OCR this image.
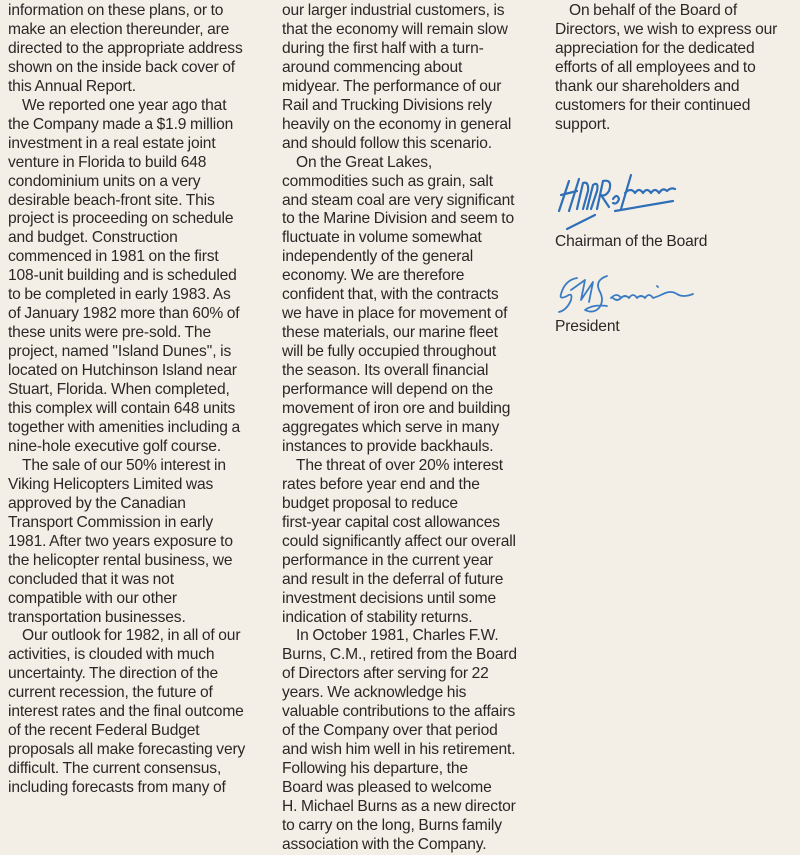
information on these plans, or to
make an election thereunder, are
directed to the appropriate address
shown on the inside back cover of
this Annual Report.
We reported one year ago that
the Company made a $1.9 million
investment in a real estate joint
venture in Florida to build 648
condominium units on a very
desirable beach-front site. This
project is proceeding on schedule
and budget. Construction
commenced in 1981 on the first
108-unit building and is scheduled
to be completed in early 1983. As
of January 1982 more than 60% of
these units were pre-sold. The
project, named ''Island Dunes'', is
located on Hutchinson Island near
Stuart, Florida. When completed,
this complex will contain 648 units
together with amenities including a
nine-hole executive golf course.
The sale of our 50% interest in
Viking Helicopters Limited was
approved by the Canadian
Transport Commission in early
1981. After two years exposure to
the helicopter rental business, we
concluded that it was not
compatible with our other
transportation businesses.
Our outlook for 1982, in all of our
activities, is clouded with much
uncertainty. The direction of the
current recession, the future of
interest rates and the final outcome
of the recent Federal Budget
proposals all make forecasting very
difficult. The current consensus,
including forecasts from many of
our larger industrial customers, is
that the economy will remain slow
during the first half with a turn-
around commencing about
midyear. The performance of our
Rail and Trucking Divisions rely
heavily on the economy in general
and should follow this scenario.
On the Great Lakes,
commodities such as grain, salt
and steam coal are very significant
to the Marine Division and seem to
fluctuate in volume somewhat
independently of the general
economy. We are therefore
confident that, with the contracts
we have in place for movement of
these materials, our marine fleet
will be fully occupied throughout
the season. Its overall financial
performance will depend on the
movement of iron ore and building
aggregates which serve in many
instances to provide backhauls.
The threat of over 20% interest
rates before year end and the
budget proposal to reduce
first-year capital cost allowances
could significantly affect our overall
performance in the current year
and result in the deferral of future
investment decisions until some
indication of stability returns.
In October 1981, Charles F.W.
Burns, C.M., retired from the Board
of Directors after serving for 22
years. We acknowledge his
valuable contributions to the affairs
of the Company over that period
and wish him well in his retirement.
Following his departure, the
Board was pleased to welcome
H. Michael Burns as a new director
to carry on the long, Burns family
association with the Company.
On behalf of the Board of
Directors, we wish to express our
appreciation for the dedicated
efforts of all employees and to
thank our shareholders and
customers for their continued
support.
Chairman of the Board
President
